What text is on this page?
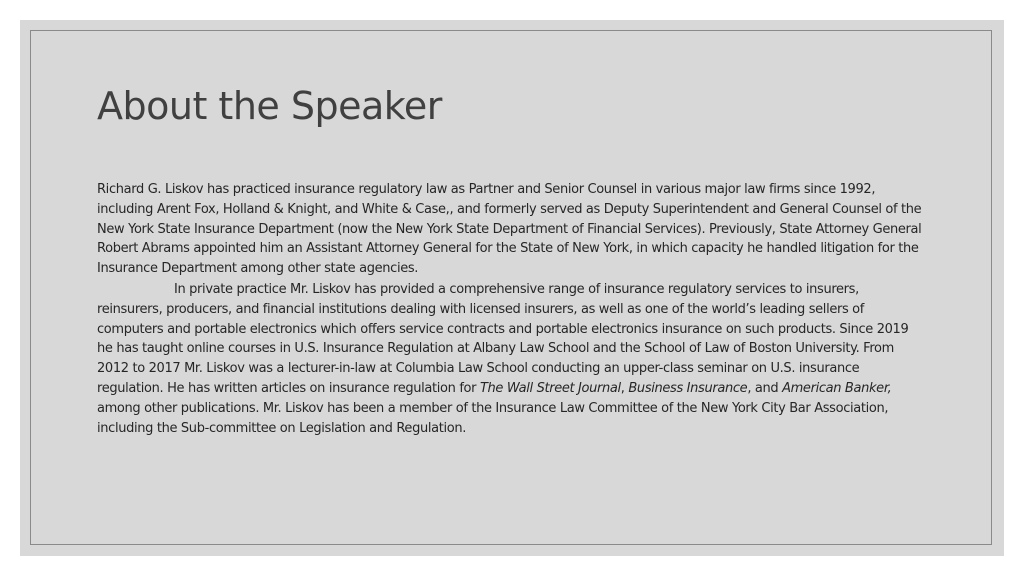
About the Speaker

Richard G. Liskov has practiced insurance regulatory law as Partner and Senior Counsel in various major law firms since 1992, including Arent Fox, Holland & Knight, and White & Case,, and formerly served as Deputy Superintendent and General Counsel of the New York State Insurance Department (now the New York State Department of Financial Services). Previously, State Attorney General Robert Abrams appointed him an Assistant Attorney General for the State of New York, in which capacity he handled litigation for the Insurance Department among other state agencies.

In private practice Mr. Liskov has provided a comprehensive range of insurance regulatory services to insurers, reinsurers, producers, and financial institutions dealing with licensed insurers, as well as one of the world’s leading sellers of computers and portable electronics which offers service contracts and portable electronics insurance on such products. Since 2019 he has taught online courses in U.S. Insurance Regulation at Albany Law School and the School of Law of Boston University. From 2012 to 2017 Mr. Liskov was a lecturer-in-law at Columbia Law School conducting an upper-class seminar on U.S. insurance regulation. He has written articles on insurance regulation for The Wall Street Journal, Business Insurance, and American Banker, among other publications. Mr. Liskov has been a member of the Insurance Law Committee of the New York City Bar Association, including the Sub-committee on Legislation and Regulation.
